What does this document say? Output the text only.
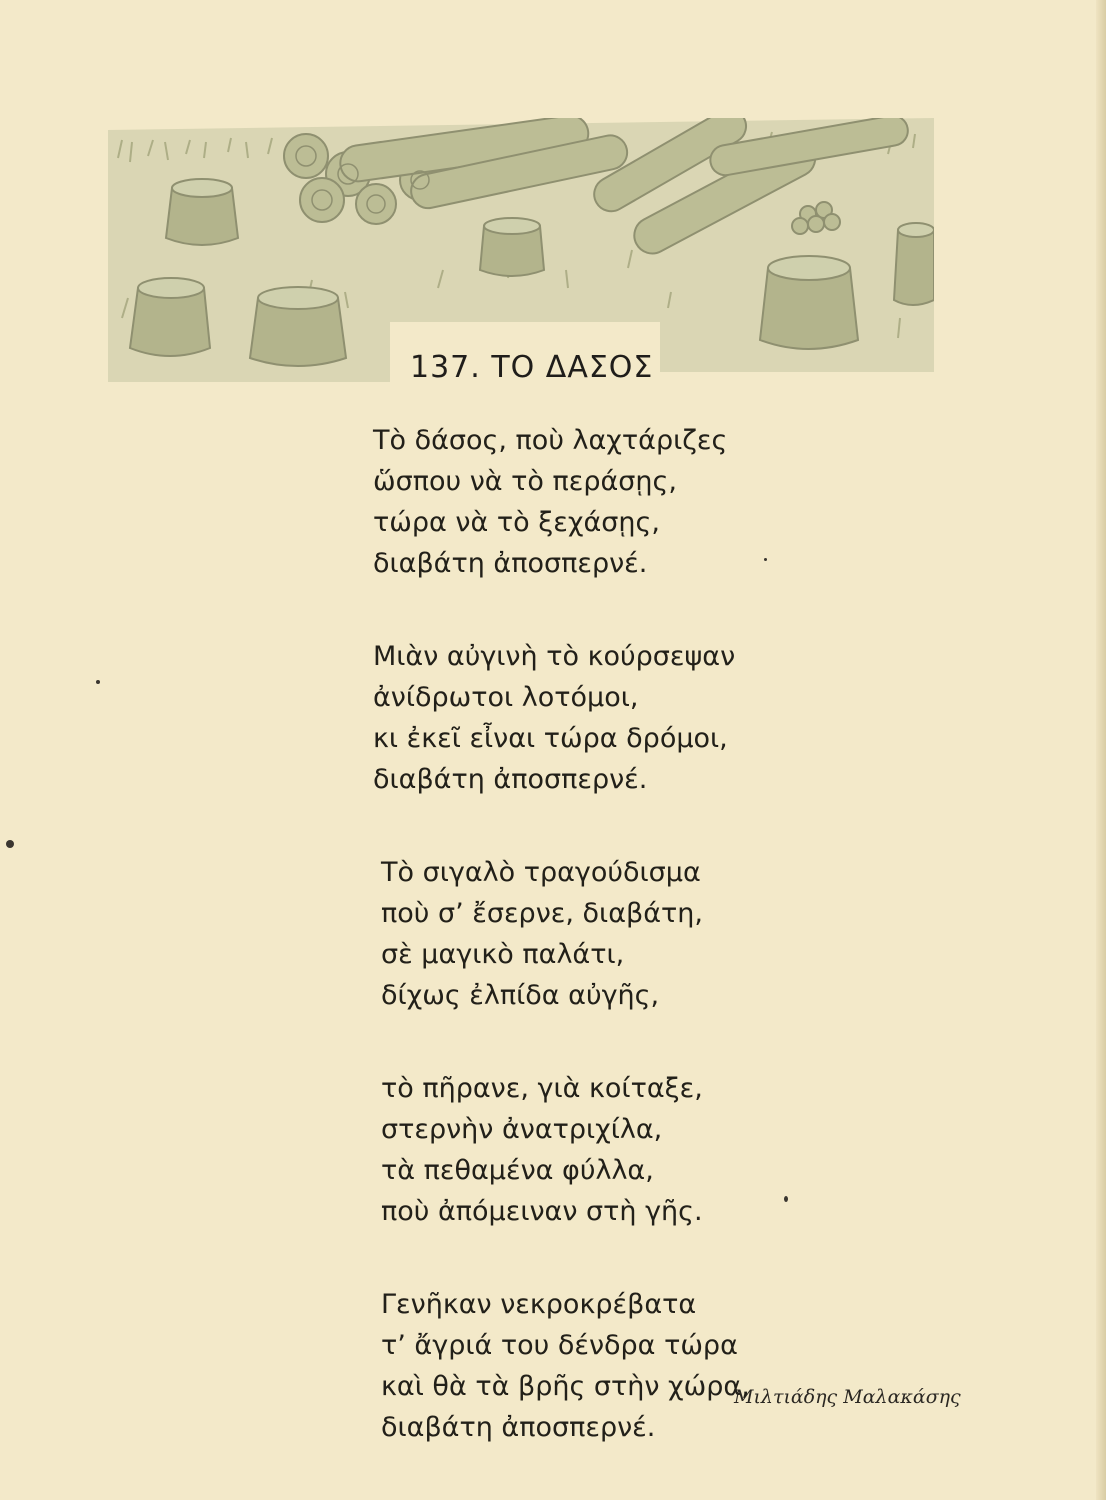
137. ΤΟ ΔΑΣΟΣ
Τὸ δάσος, ποὺ λαχτάριζες
ὥσπου νὰ τὸ περάσῃς,
τώρα νὰ τὸ ξεχάσῃς,
διαβάτη ἀποσπερνέ.
Μιὰν αὐγινὴ τὸ κούρσεψαν
ἀνίδρωτοι λοτόμοι,
κι ἐκεῖ εἶναι τώρα δρόμοι,
διαβάτη ἀποσπερνέ.
Τὸ σιγαλὸ τραγούδισμα
ποὺ σ’ ἔσερνε, διαβάτη,
σὲ μαγικὸ παλάτι,
δίχως ἐλπίδα αὐγῆς,
τὸ πῆρανε, γιὰ κοίταξε,
στερνὴν ἀνατριχίλα,
τὰ πεθαμένα φύλλα,
ποὺ ἀπόμειναν στὴ γῆς.
Γενῆκαν νεκροκρέβατα
τ’ ἄγριά του δένδρα τώρα
καὶ θὰ τὰ βρῆς στὴν χώρα,
διαβάτη ἀποσπερνέ.
Μιλτιάδης Μαλακάσης
